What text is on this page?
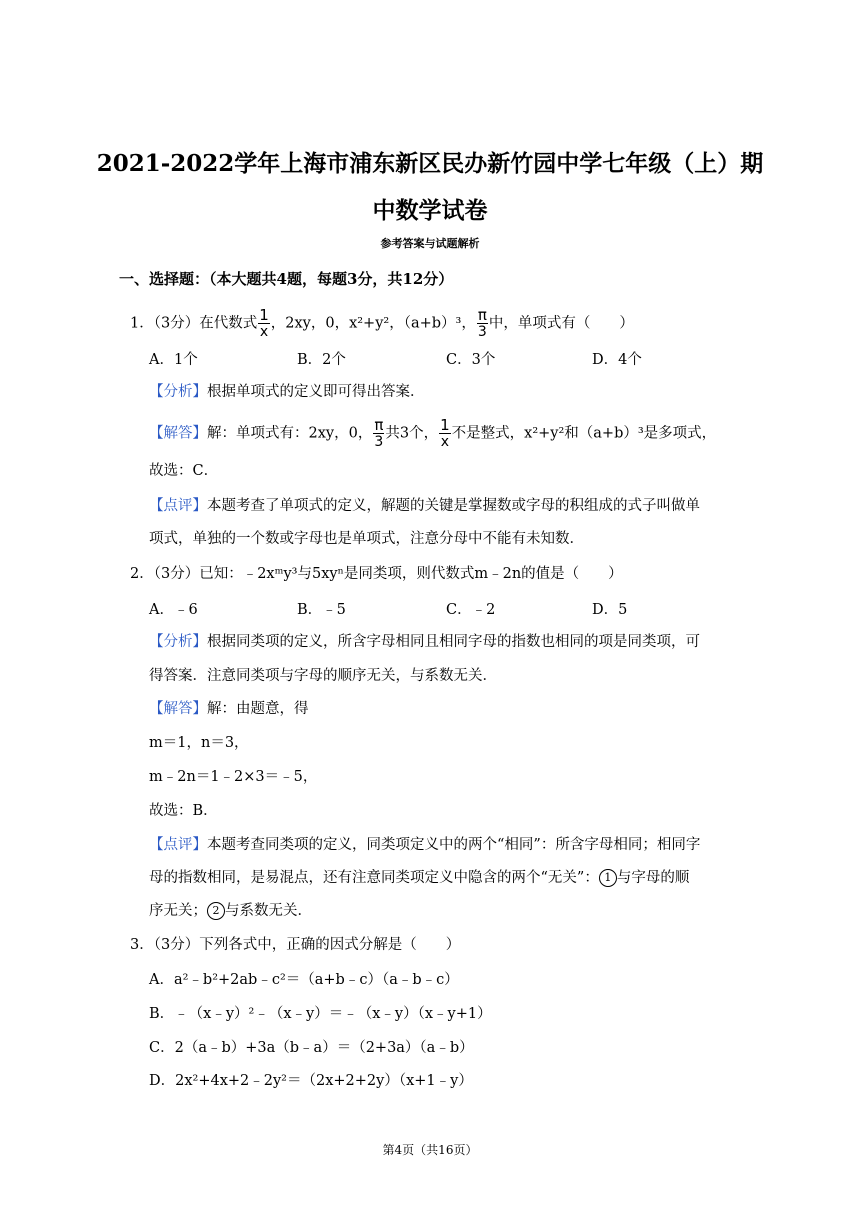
2021-2022学年上海市浦东新区民办新竹园中学七年级（上）期
中数学试卷
参考答案与试题解析
一、选择题：（本大题共4题，每题3分，共12分）
1．（3分）在代数式 $\frac{1}{x}$ ，2xy，0，x²+y²，（a+b）³， $\frac{\pi}{3}$ 中，单项式有（　　）
A．1个	B．2个	C．3个	D．4个
【分析】根据单项式的定义即可得出答案．
【解答】解：单项式有：2xy，0， $\frac{\pi}{3}$ 共3个， $\frac{1}{x}$ 不是整式，x²+y²和（a+b）³是多项式，
故选：C．
【点评】本题考查了单项式的定义，解题的关键是掌握数或字母的积组成的式子叫做单
项式，单独的一个数或字母也是单项式，注意分母中不能有未知数．
2．（3分）已知：﹣2xᵐy³与5xyⁿ是同类项，则代数式m﹣2n的值是（　　）
A．﹣6	B．﹣5	C．﹣2	D．5
【分析】根据同类项的定义，所含字母相同且相同字母的指数也相同的项是同类项，可
得答案．注意同类项与字母的顺序无关，与系数无关．
【解答】解：由题意，得
m＝1，n＝3，
m﹣2n＝1﹣2×3＝﹣5，
故选：B．
【点评】本题考查同类项的定义，同类项定义中的两个“相同”：所含字母相同；相同字
母的指数相同，是易混点，还有注意同类项定义中隐含的两个“无关”： 1 与字母的顺
序无关； 2 与系数无关．
3．（3分）下列各式中，正确的因式分解是（　　）
A．a²﹣b²+2ab﹣c²＝（a+b﹣c）（a﹣b﹣c）
B．﹣（x﹣y）²﹣（x﹣y）＝﹣（x﹣y）（x﹣y+1）
C．2（a﹣b）+3a（b﹣a）＝（2+3a）（a﹣b）
D．2x²+4x+2﹣2y²＝（2x+2+2y）（x+1﹣y）
第4页（共16页）
